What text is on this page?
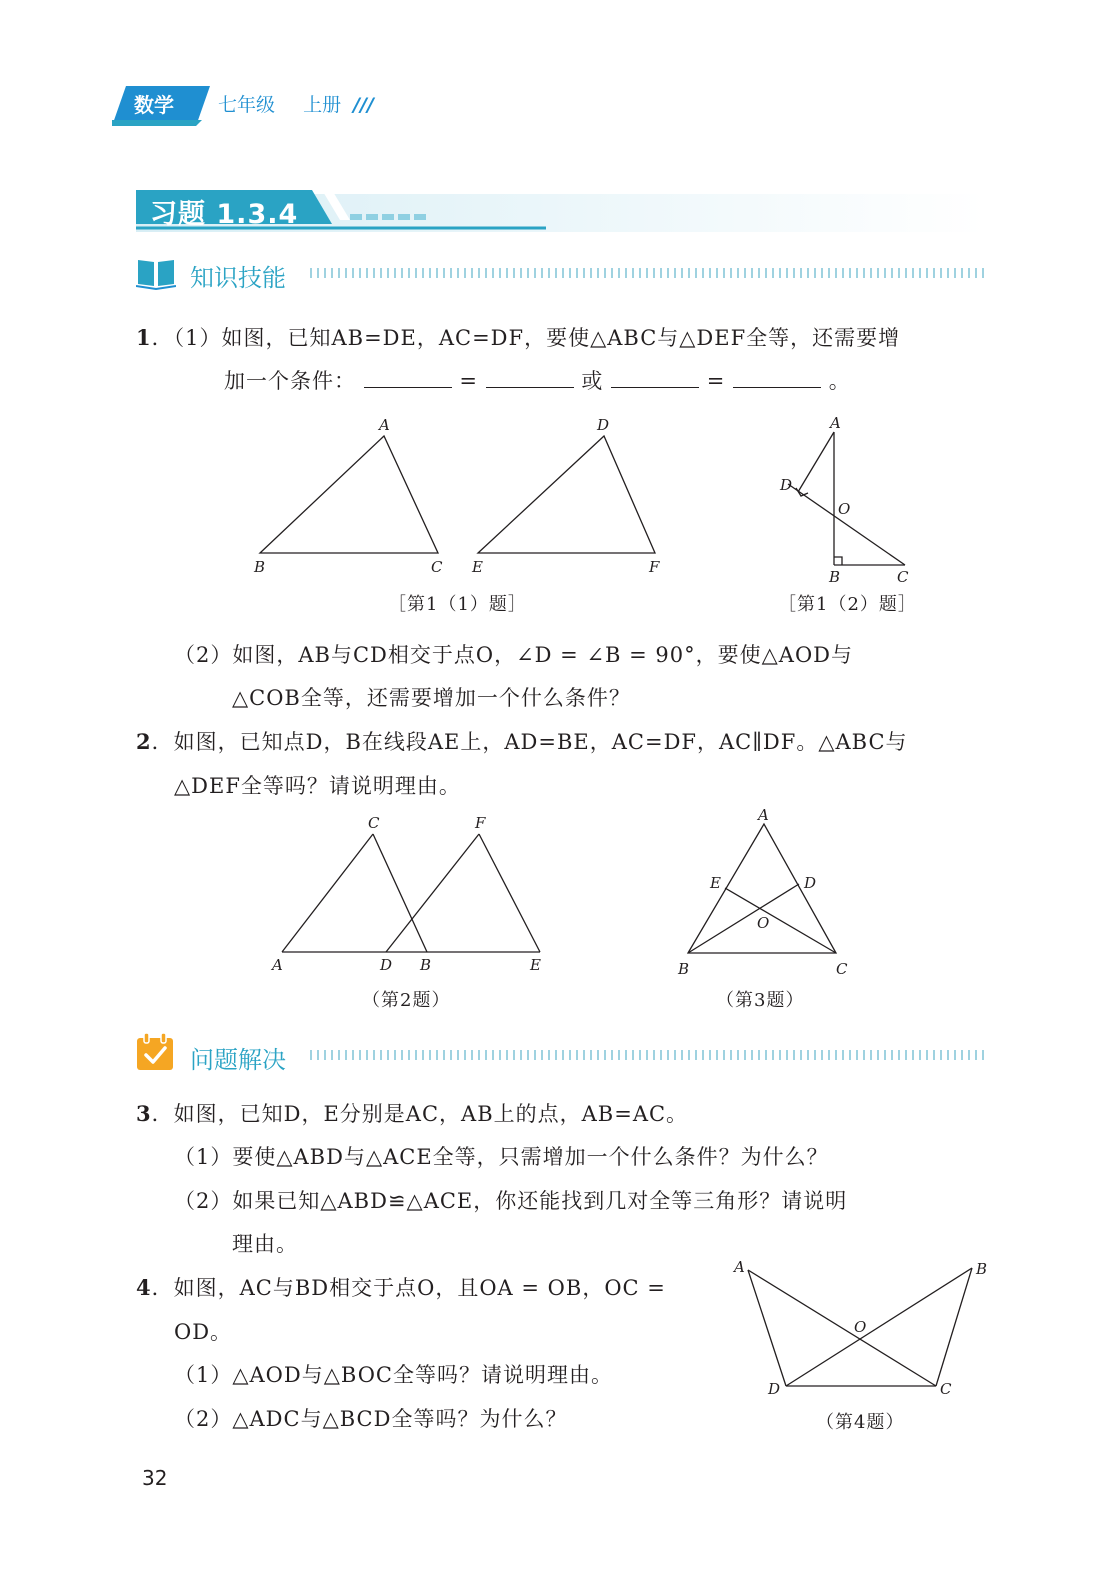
数学 七年级 上册 ///
习题 1.3.4
知识技能
1．（1）如图，已知AB=DE，AC=DF，要使△ABC与△DEF全等，还需要增
加一个条件：	=	或	=	。
A
B	C
D
E	F
［第1（1）题］
A
D
O
B	C
［第1（2）题］
（2）如图，AB与CD相交于点O，∠D = ∠B = 90°，要使△AOD与
△COB全等，还需要增加一个什么条件？
2．如图，已知点D，B在线段AE上，AD=BE，AC=DF，AC∥DF。△ABC与
△DEF全等吗？请说明理由。
C	F
A	D B	E
（第2题）
A
E	D
O
B	C
（第3题）
问题解决
3．如图，已知D，E分别是AC，AB上的点，AB=AC。
（1）要使△ABD与△ACE全等，只需增加一个什么条件？为什么？
（2）如果已知△ABD≌△ACE，你还能找到几对全等三角形？请说明
理由。
4．如图，AC与BD相交于点O，且OA = OB，OC =
OD。
（1）△AOD与△BOC全等吗？请说明理由。
（2）△ADC与△BCD全等吗？为什么？
A	B
O
D	C
（第4题）
32
